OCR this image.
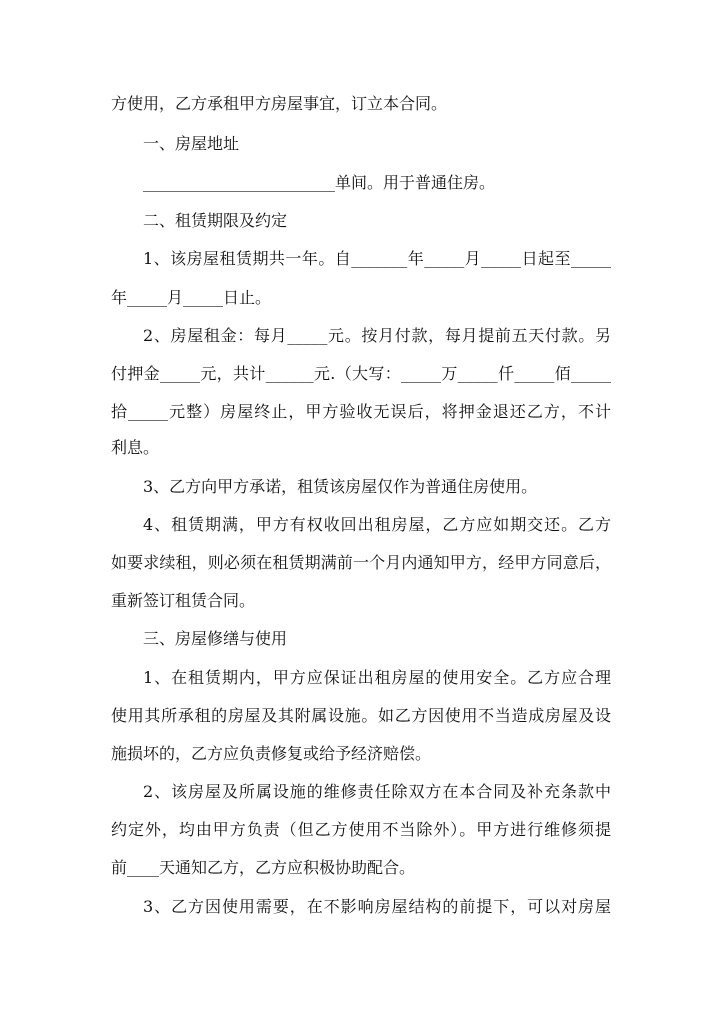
方使用，乙方承租甲方房屋事宜，订立本合同。
一、房屋地址
________________________单间。用于普通住房。
二、租赁期限及约定
1、该房屋租赁期共一年。自_______年_____月_____日起至_____
年_____月_____日止。
2、房屋租金：每月_____元。按月付款，每月提前五天付款。另
付押金_____元，共计______元.（大写：_____万_____仟_____佰_____
拾_____元整）房屋终止，甲方验收无误后，将押金退还乙方，不计
利息。
3、乙方向甲方承诺，租赁该房屋仅作为普通住房使用。
4、租赁期满，甲方有权收回出租房屋，乙方应如期交还。乙方
如要求续租，则必须在租赁期满前一个月内通知甲方，经甲方同意后，
重新签订租赁合同。
三、房屋修缮与使用
1、在租赁期内，甲方应保证出租房屋的使用安全。乙方应合理
使用其所承租的房屋及其附属设施。如乙方因使用不当造成房屋及设
施损坏的，乙方应负责修复或给予经济赔偿。
2、该房屋及所属设施的维修责任除双方在本合同及补充条款中
约定外，均由甲方负责（但乙方使用不当除外）。甲方进行维修须提
前____天通知乙方，乙方应积极协助配合。
3、乙方因使用需要，在不影响房屋结构的前提下，可以对房屋
